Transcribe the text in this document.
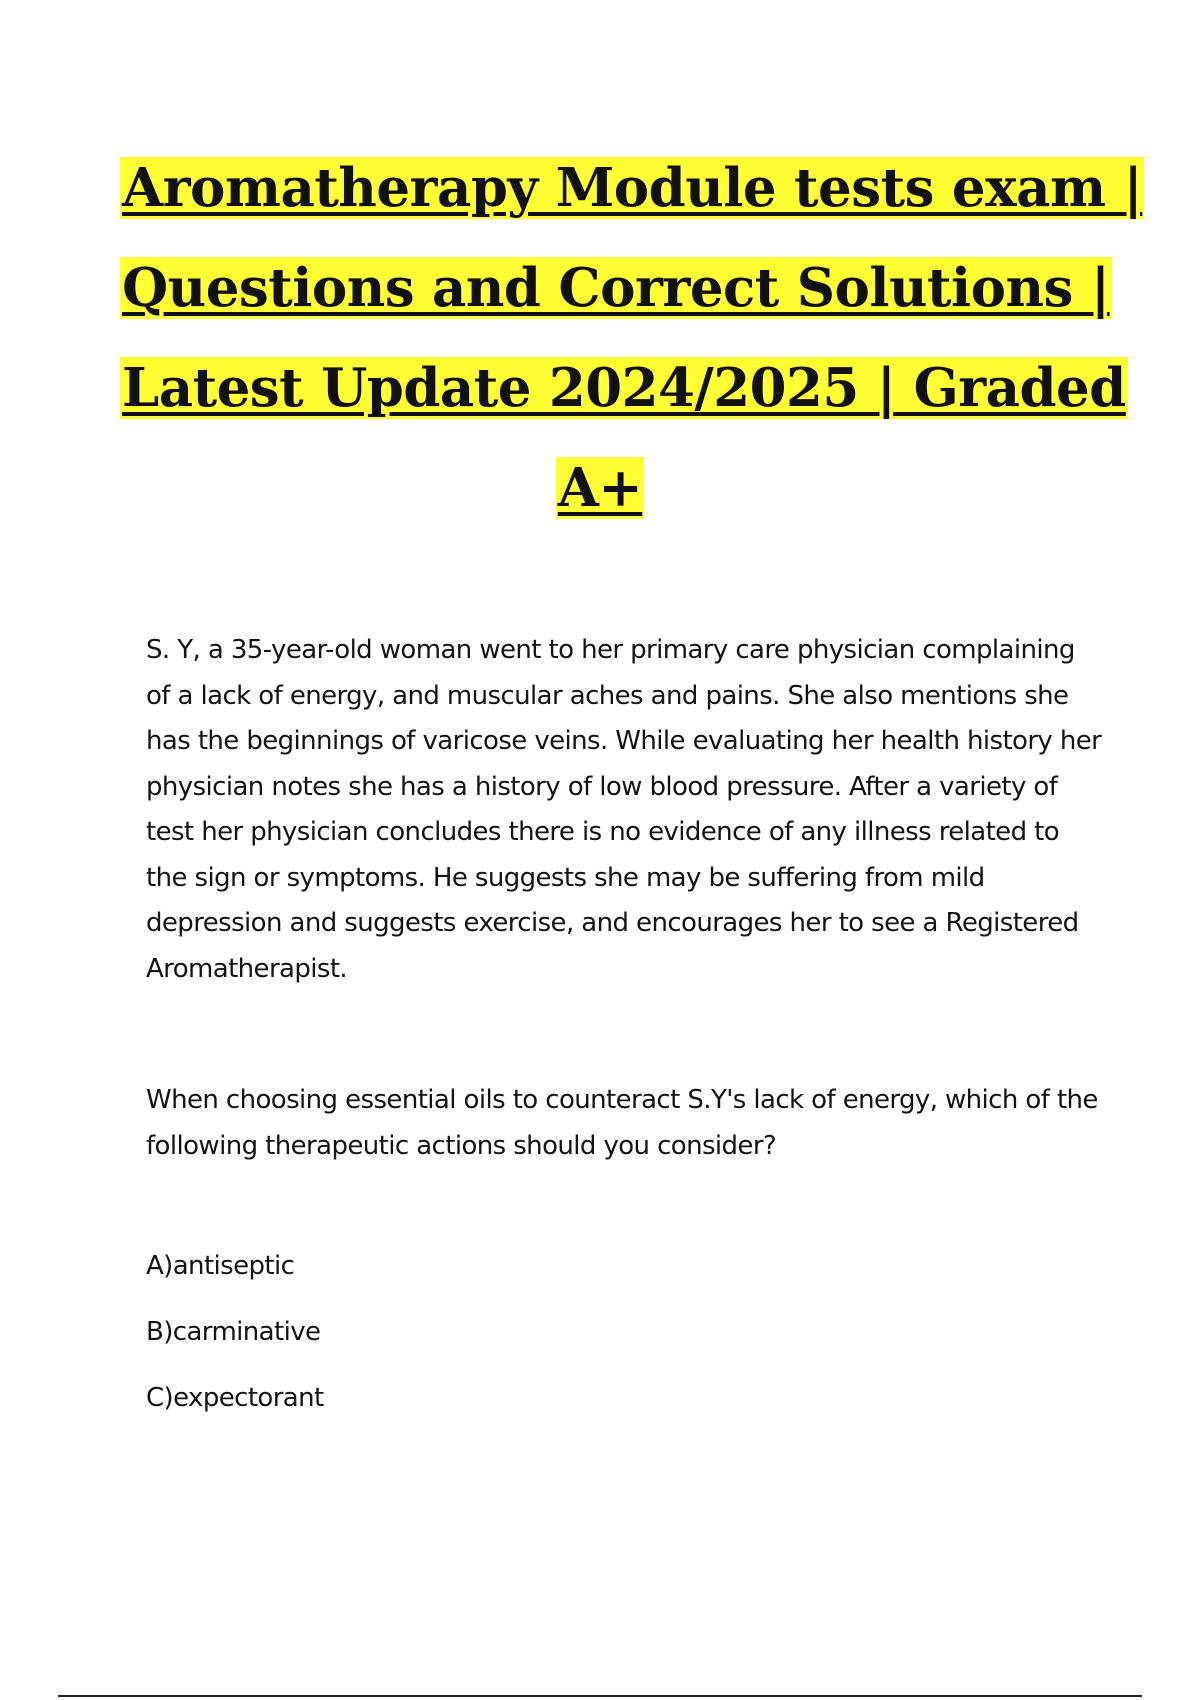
Aromatherapy Module tests exam |
Questions and Correct Solutions |
Latest Update 2024/2025 | Graded
A+
S. Y, a 35-year-old woman went to her primary care physician complaining of a lack of energy, and muscular aches and pains. She also mentions she has the beginnings of varicose veins. While evaluating her health history her physician notes she has a history of low blood pressure. After a variety of test her physician concludes there is no evidence of any illness related to the sign or symptoms. He suggests she may be suffering from mild depression and suggests exercise, and encourages her to see a Registered Aromatherapist.
When choosing essential oils to counteract S.Y's lack of energy, which of the following therapeutic actions should you consider?
A)antiseptic
B)carminative
C)expectorant
